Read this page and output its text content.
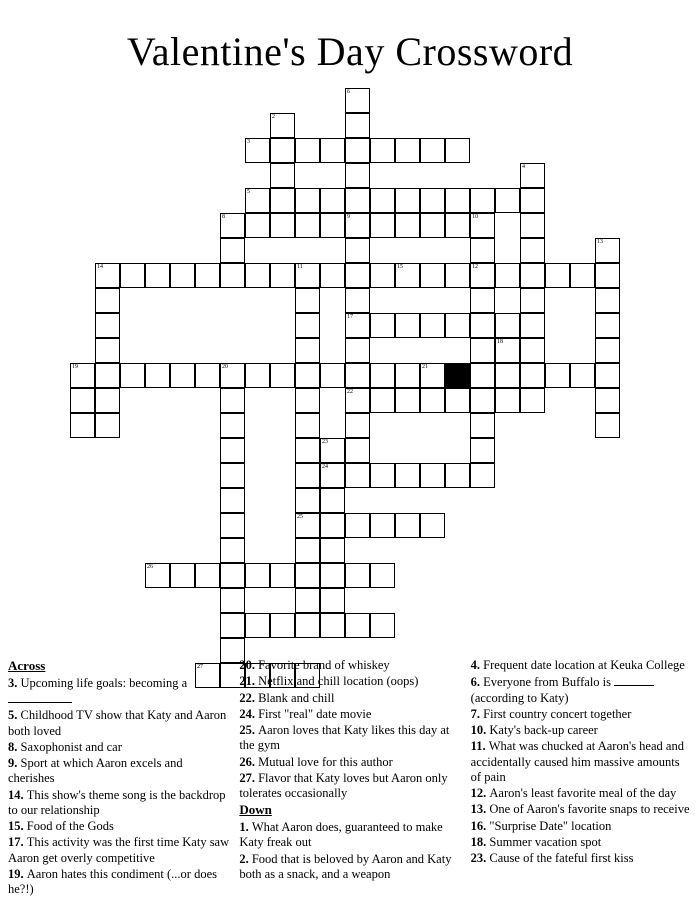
Valentine's Day Crossword
6
2
3
4
5
8	9	10
13
14	11	15	12
17
18
19	20	21
22
23
24
25
26
27
Across
3. Upcoming life goals: becoming a
5. Childhood TV show that Katy and Aaron both loved
8. Saxophonist and car
9. Sport at which Aaron excels and cherishes
14. This show's theme song is the backdrop to our relationship
15. Food of the Gods
17. This activity was the first time Katy saw Aaron get overly competitive
19. Aaron hates this condiment (...or does he?!)
20. Favorite brand of whiskey
21. Netflix and chill location (oops)
22. Blank and chill
24. First "real" date movie
25. Aaron loves that Katy likes this day at the gym
26. Mutual love for this author
27. Flavor that Katy loves but Aaron only tolerates occasionally
Down
1. What Aaron does, guaranteed to make Katy freak out
2. Food that is beloved by Aaron and Katy both as a snack, and a weapon
4. Frequent date location at Keuka College
6. Everyone from Buffalo is  (according to Katy)
7. First country concert together
10. Katy's back-up career
11. What was chucked at Aaron's head and accidentally caused him massive amounts of pain
12. Aaron's least favorite meal of the day
13. One of Aaron's favorite snaps to receive
16. "Surprise Date" location
18. Summer vacation spot
23. Cause of the fateful first kiss
